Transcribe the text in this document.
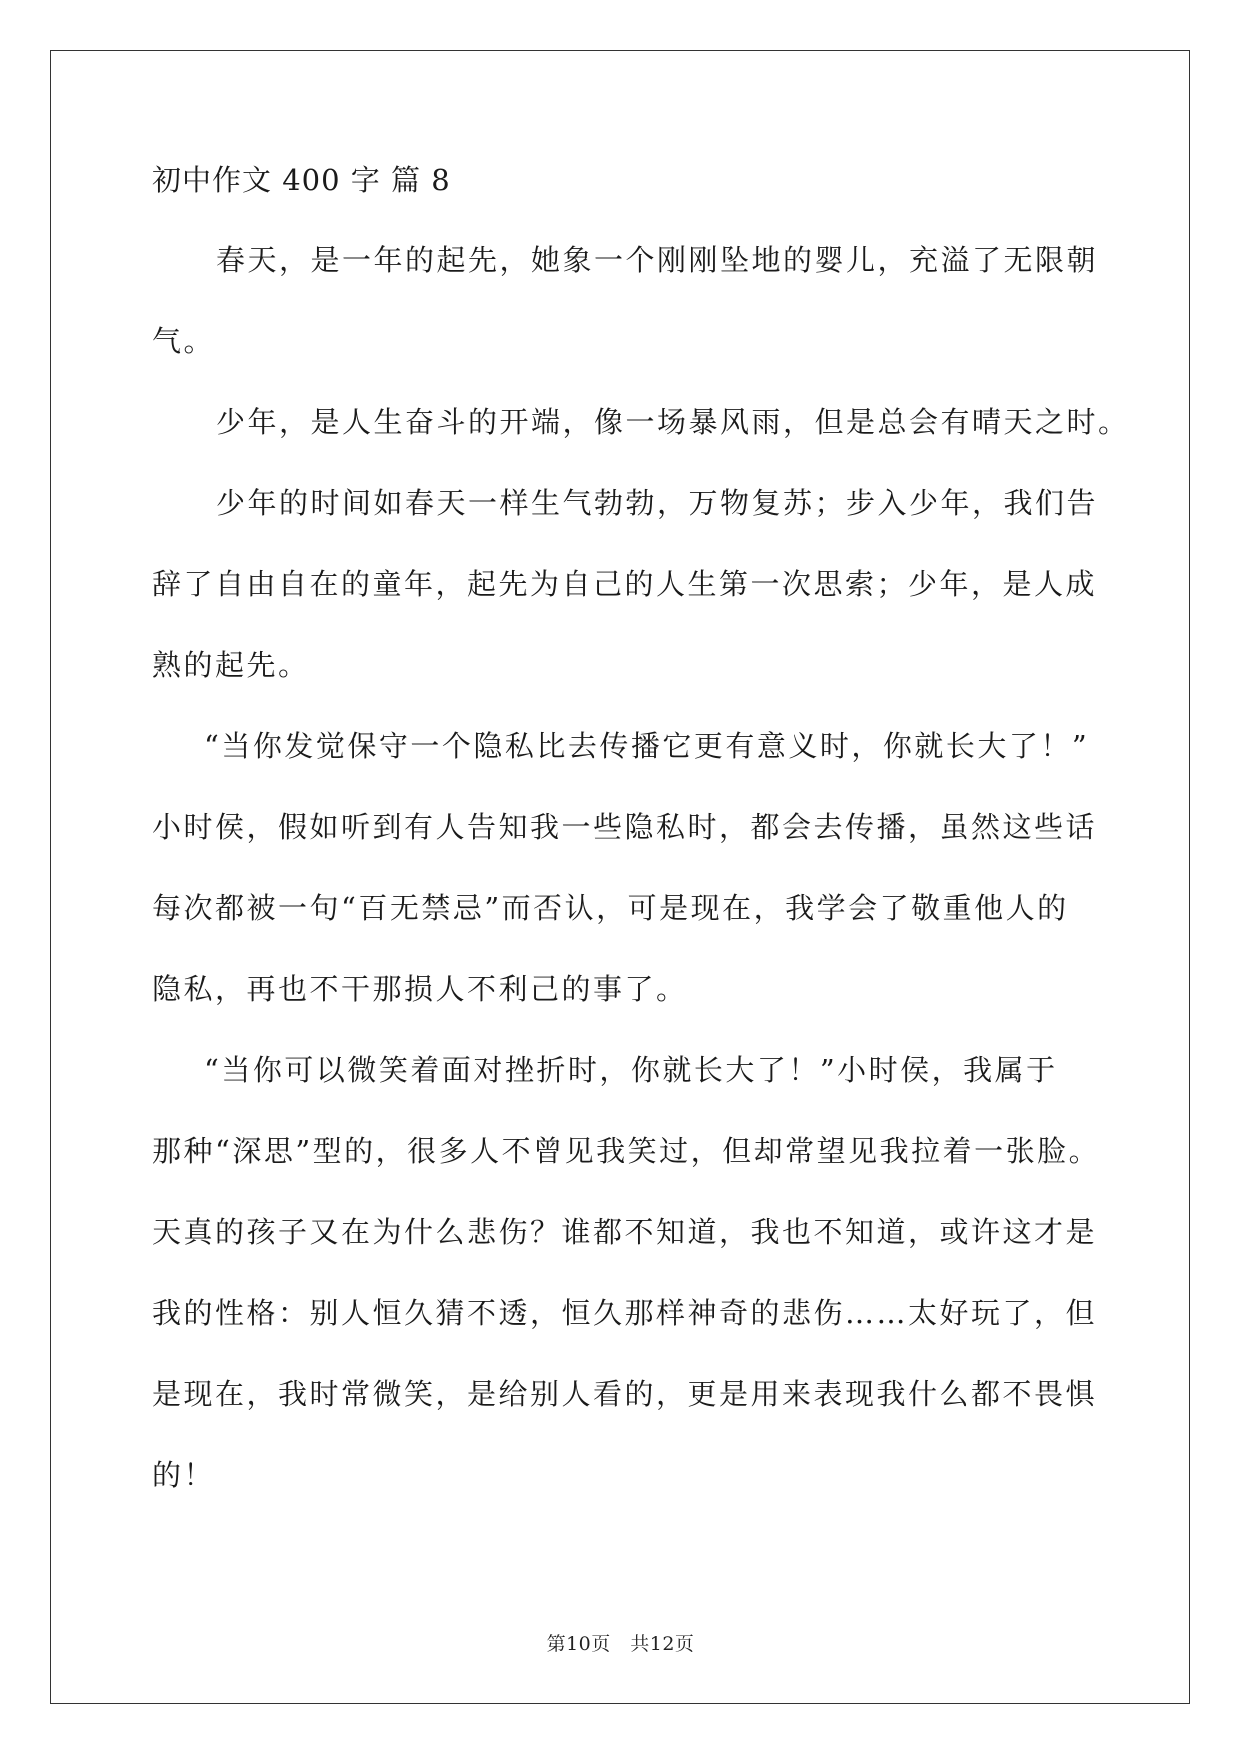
初中作文 400 字 篇 8
春天，是一年的起先，她象一个刚刚坠地的婴儿，充溢了无限朝
气。
少年，是人生奋斗的开端，像一场暴风雨，但是总会有晴天之时。
少年的时间如春天一样生气勃勃，万物复苏；步入少年，我们告
辞了自由自在的童年，起先为自己的人生第一次思索；少年，是人成
熟的起先。
“当你发觉保守一个隐私比去传播它更有意义时，你就长大了！”
小时侯，假如听到有人告知我一些隐私时，都会去传播，虽然这些话
每次都被一句“百无禁忌”而否认，可是现在，我学会了敬重他人的
隐私，再也不干那损人不利己的事了。
“当你可以微笑着面对挫折时，你就长大了！”小时侯，我属于
那种“深思”型的，很多人不曾见我笑过，但却常望见我拉着一张脸。
天真的孩子又在为什么悲伤？谁都不知道，我也不知道，或许这才是
我的性格：别人恒久猜不透，恒久那样神奇的悲伤……太好玩了，但
是现在，我时常微笑，是给别人看的，更是用来表现我什么都不畏惧
的！
第10页　共12页
